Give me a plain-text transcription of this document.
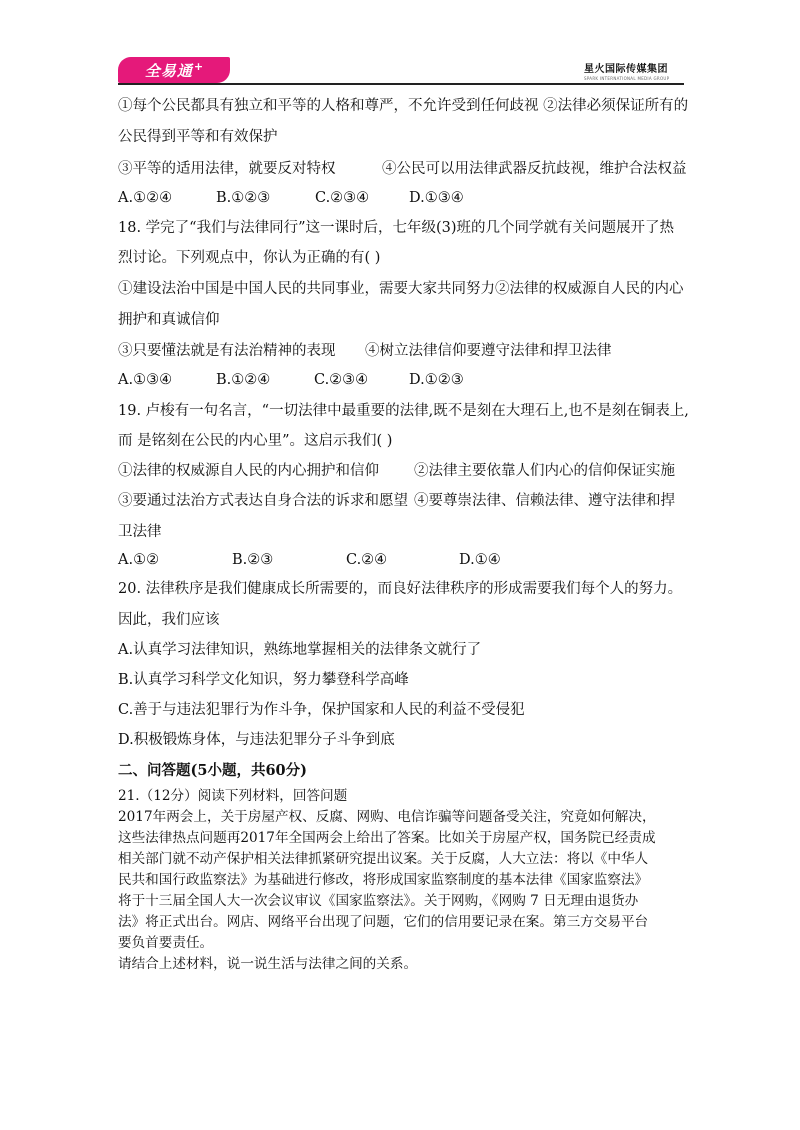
全易通 +	星火国际传媒集团
SPARK INTERNATIONAL MEDIA GROUP
①每个公民都具有独立和平等的人格和尊严，不允许受到任何歧视 ②法律必须保证所有的
公民得到平等和有效保护
③平等的适用法律，就要反对特权	④公民可以用法律武器反抗歧视，维护合法权益
A.①②④	B.①②③	C.②③④	D.①③④
18. 学完了“我们与法律同行”这一课时后，七年级(3)班的几个同学就有关问题展开了热
烈讨论。下列观点中，你认为正确的有( )
①建设法治中国是中国人民的共同事业，需要大家共同努力②法律的权威源自人民的内心
拥护和真诚信仰
③只要懂法就是有法治精神的表现 ④树立法律信仰要遵守法律和捍卫法律
A.①③④	B.①②④	C.②③④	D.①②③
19. 卢梭有一句名言，“一切法律中最重要的法律,既不是刻在大理石上,也不是刻在铜表上,
而 是铭刻在公民的内心里”。这启示我们( )
①法律的权威源自人民的内心拥护和信仰 ②法律主要依靠人们内心的信仰保证实施
③要通过法治方式表达自身合法的诉求和愿望 ④要尊崇法律、信赖法律、遵守法律和捍
卫法律
A.①②	B.②③	C.②④	D.①④
20. 法律秩序是我们健康成长所需要的，而良好法律秩序的形成需要我们每个人的努力。
因此，我们应该
A.认真学习法律知识，熟练地掌握相关的法律条文就行了
B.认真学习科学文化知识，努力攀登科学高峰
C.善于与违法犯罪行为作斗争，保护国家和人民的利益不受侵犯
D.积极锻炼身体，与违法犯罪分子斗争到底
二、问答题(5小题，共60分)
21.（12分）阅读下列材料，回答问题
2017年两会上，关于房屋产权、反腐、网购、电信诈骗等问题备受关注，究竟如何解决，
这些法律热点问题再2017年全国两会上给出了答案。比如关于房屋产权，国务院已经责成
相关部门就不动产保护相关法律抓紧研究提出议案。关于反腐，人大立法：将以《中华人
民共和国行政监察法》为基础进行修改，将形成国家监察制度的基本法律《国家监察法》
将于十三届全国人大一次会议审议《国家监察法》。关于网购，《网购 7 日无理由退货办
法》将正式出台。网店、网络平台出现了问题，它们的信用要记录在案。第三方交易平台
要负首要责任。
请结合上述材料，说一说生活与法律之间的关系。
